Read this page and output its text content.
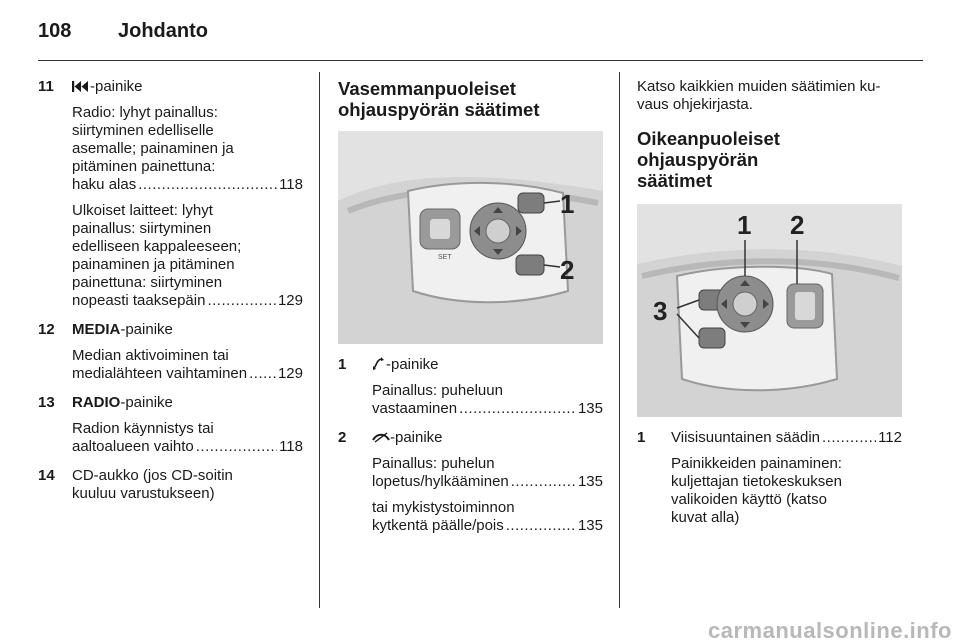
108 Johdanto
11	-painike
Radio: lyhyt painallus:
siirtyminen edelliselle
asemalle; painaminen ja
pitäminen painettuna:
haku alas .....	118
Ulkoiset laitteet: lyhyt
painallus: siirtyminen
edelliseen kappaleeseen;
painaminen ja pitäminen
painettuna: siirtyminen
nopeasti taaksepäin .....	129
12 MEDIA-painike
Median aktivoiminen tai
medialähteen vaihtaminen ..... 129
13 RADIO-painike
Radion käynnistys tai
aaltoalueen vaihto .....	118
14 CD-aukko (jos CD-soitin
kuuluu varustukseen)
Vasemmanpuoleiset
ohjauspyörän säätimet
SET
1
2
1	-painike
Painallus: puheluun
vastaaminen .....	135
2	-painike
Painallus: puhelun
lopetus/hylkääminen .....	135
tai mykistystoiminnon
kytkentä päälle/pois .....	135
Katso kaikkien muiden säätimien ku-
vaus ohjekirjasta.
Oikeanpuoleiset ohjauspyörän
säätimet
1 2
3
1 Viisisuuntainen säädin .....	112
Painikkeiden painaminen:
kuljettajan tietokeskuksen
valikoiden käyttö (katso
kuvat alla)
carmanualsonline.info
